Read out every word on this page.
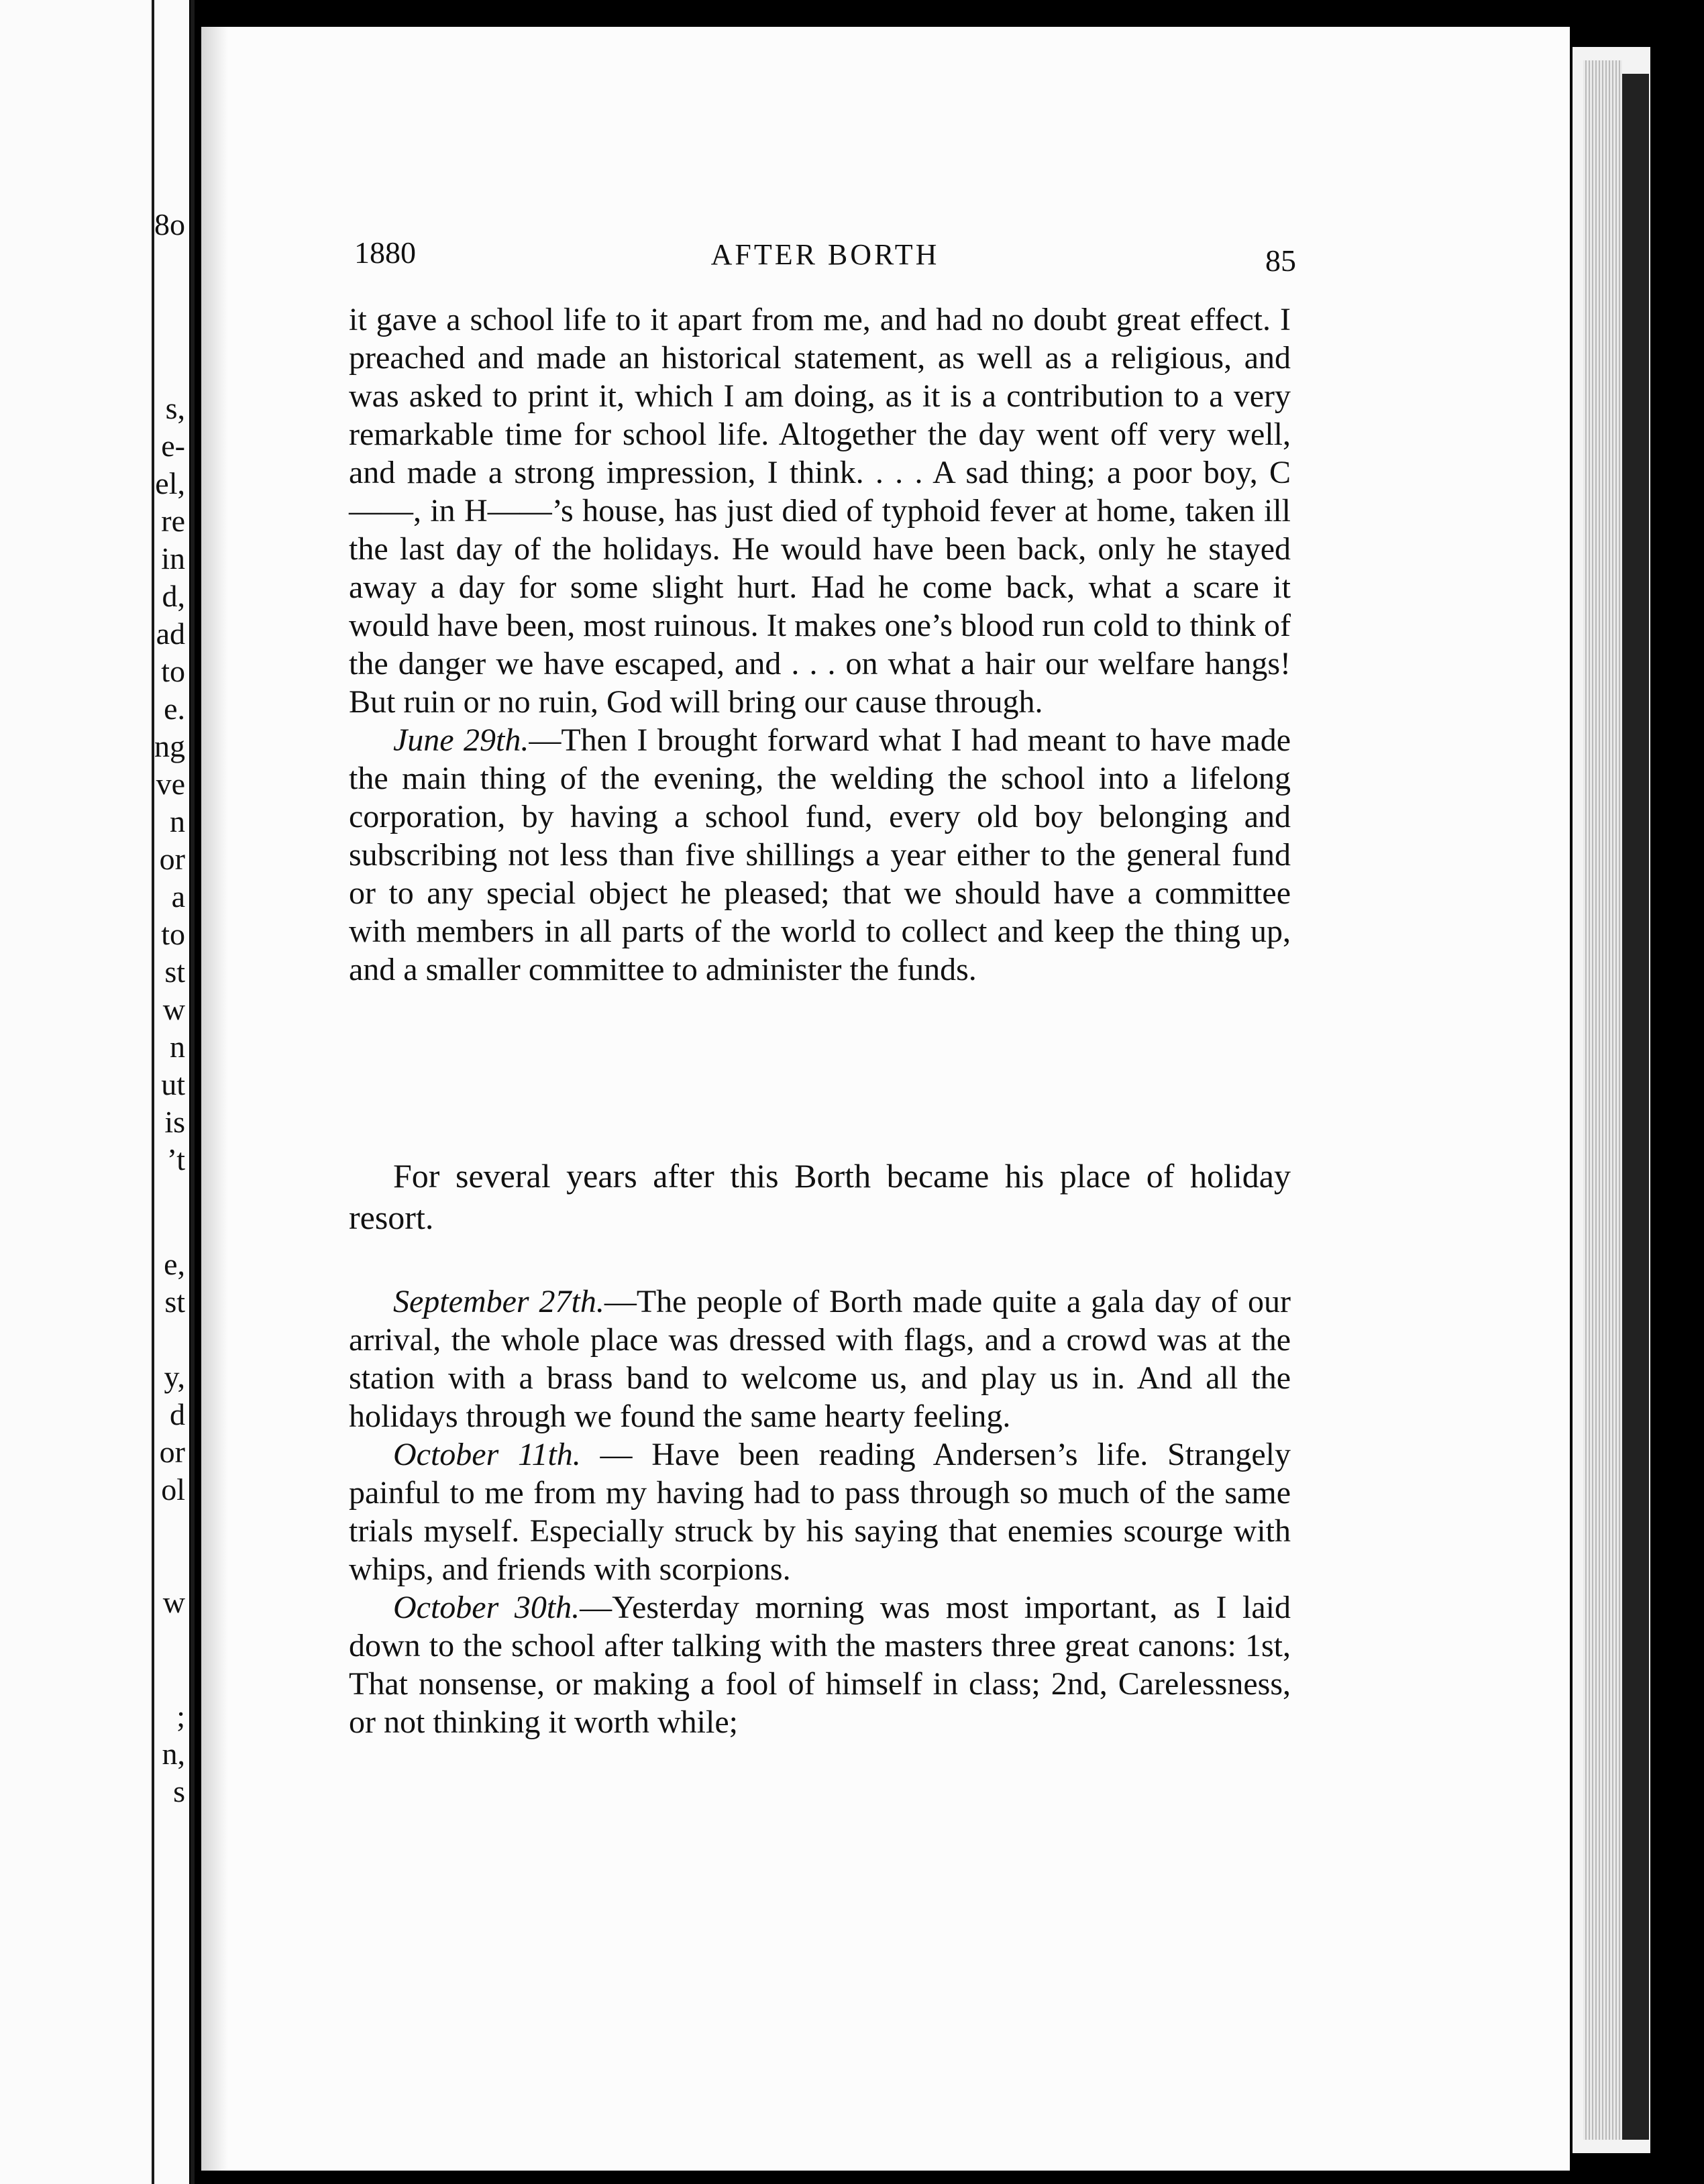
8o
s,
e-
el,
re
in
d,
ad
to
e.
ng
ve
n
or
a
to
st
w
n
ut
is
’t
e,
st
y,
d
or
ol
w
;
n,
s
1880	AFTER BORTH	85

it gave a school life to it apart from me, and had no doubt great effect. I preached and made an historical statement, as well as a religious, and was asked to print it, which I am doing, as it is a contribution to a very remarkable time for school life. Altogether the day went off very well, and made a strong impression, I think. . . . A sad thing; a poor boy, C——, in H——’s house, has just died of typhoid fever at home, taken ill the last day of the holidays. He would have been back, only he stayed away a day for some slight hurt. Had he come back, what a scare it would have been, most ruinous. It makes one’s blood run cold to think of the danger we have escaped, and . . . on what a hair our welfare hangs! But ruin or no ruin, God will bring our cause through.

June 29th.—Then I brought forward what I had meant to have made the main thing of the evening, the welding the school into a lifelong corporation, by having a school fund, every old boy belonging and subscribing not less than five shillings a year either to the general fund or to any special object he pleased; that we should have a committee with members in all parts of the world to collect and keep the thing up, and a smaller committee to administer the funds.

For several years after this Borth became his place of holiday resort.

September 27th.—The people of Borth made quite a gala day of our arrival, the whole place was dressed with flags, and a crowd was at the station with a brass band to welcome us, and play us in. And all the holidays through we found the same hearty feeling.

October 11th. — Have been reading Andersen’s life. Strangely painful to me from my having had to pass through so much of the same trials myself. Especially struck by his saying that enemies scourge with whips, and friends with scorpions.

October 30th.—Yesterday morning was most important, as I laid down to the school after talking with the masters three great canons: 1st, That nonsense, or making a fool of himself in class; 2nd, Carelessness, or not thinking it worth while;
